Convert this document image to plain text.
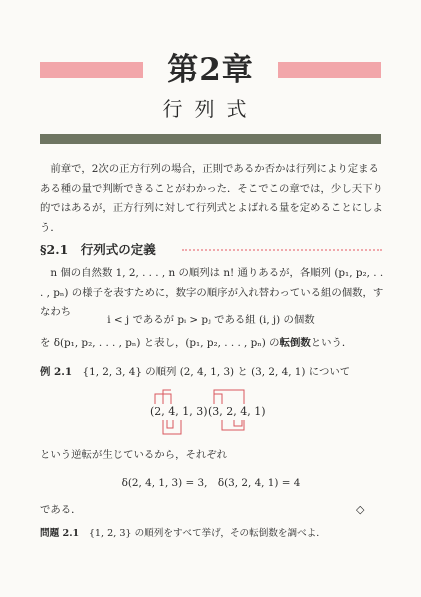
第2章
行列式

前章で，2次の正方行列の場合，正則であるか否かは行列により定まるある種の量で判断できることがわかった．そこでこの章では，少し天下り的ではあるが，正方行列に対して行列式とよばれる量を定めることにしよう．

§2.1　行列式の定義

n 個の自然数 1, 2, . . . , n の順列は n! 通りあるが，各順列 (p₁, p₂, . . . , pₙ) の様子を表すために，数字の順序が入れ替わっている組の個数，すなわち

i < j であるが pᵢ > pⱼ である組 (i, j) の個数

を δ(p₁, p₂, . . . , pₙ) と表し，(p₁, p₂, . . . , pₙ) の転倒数という．

例 2.1　 {1, 2, 3, 4} の順列 (2, 4, 1, 3) と (3, 2, 4, 1) について

(2, 4, 1, 3) (3, 2, 4, 1)

という逆転が生じているから，それぞれ

δ(2, 4, 1, 3) = 3,　δ(3, 2, 4, 1) = 4

である．	◇

問題 2.1　 {1, 2, 3} の順列をすべて挙げ，その転倒数を調べよ．
